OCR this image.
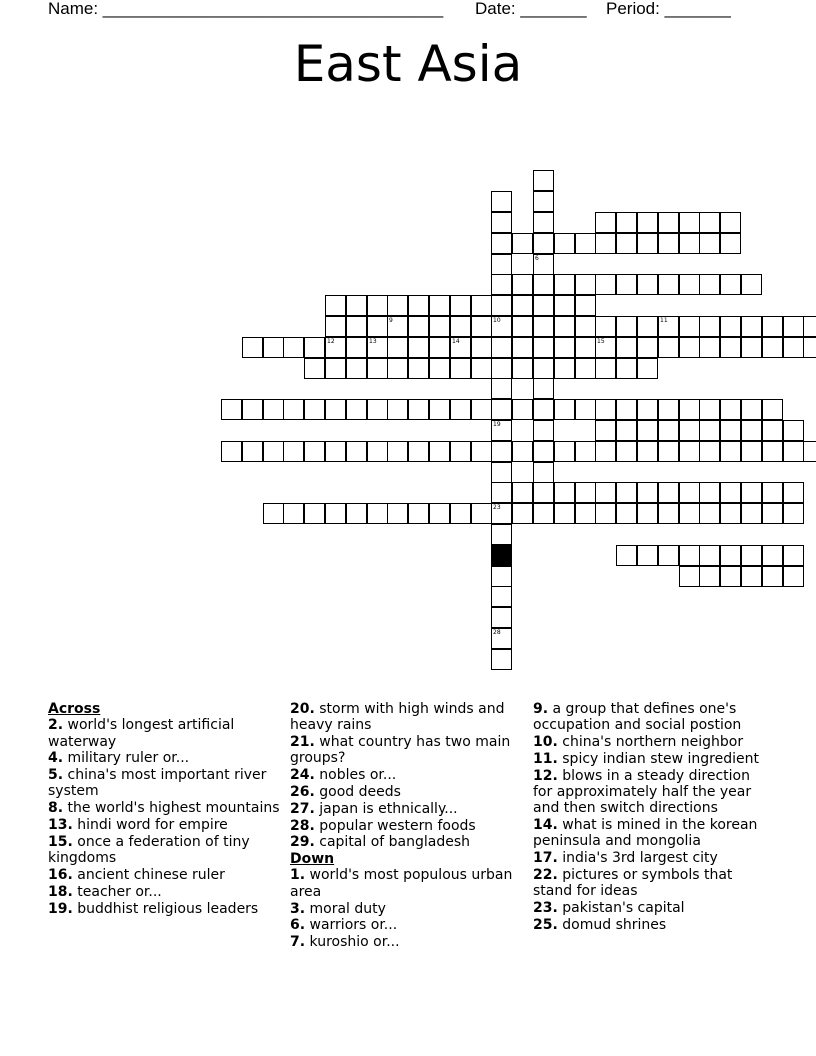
Name: ____________________________________ Date: _______ Period: _______
East Asia
6
10
19
23
28
9	11
12	13	14	15

Across

2. world's longest artificial waterway

4. military ruler or...

5. china's most important river system

8. the world's highest mountains

13. hindi word for empire

15. once a federation of tiny kingdoms

16. ancient chinese ruler

18. teacher or...

19. buddhist religious leaders

20. storm with high winds and heavy rains

21. what country has two main groups?

24. nobles or...

26. good deeds

27. japan is ethnically...

28. popular western foods

29. capital of bangladesh

Down

1. world's most populous urban area

3. moral duty

6. warriors or...

7. kuroshio or...

9. a group that defines one's occupation and social postion

10. china's northern neighbor

11. spicy indian stew ingredient

12. blows in a steady direction for approximately half the year and then switch directions

14. what is mined in the korean peninsula and mongolia

17. india's 3rd largest city

22. pictures or symbols that stand for ideas

23. pakistan's capital

25. domud shrines
